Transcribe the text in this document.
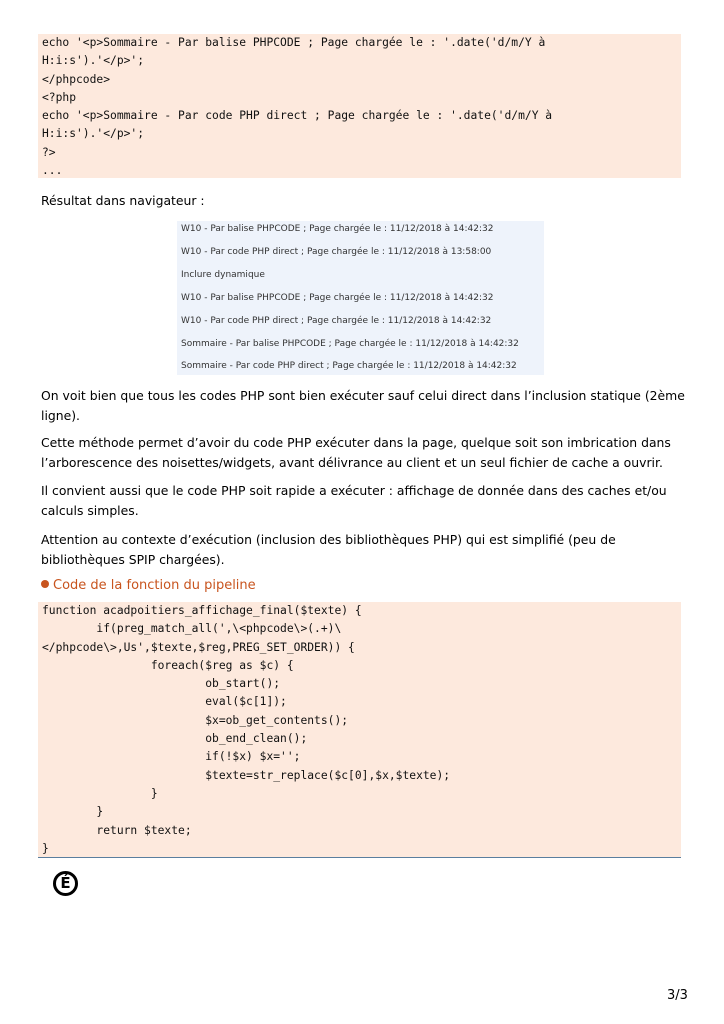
echo '<p>Sommaire - Par balise PHPCODE ; Page chargée le : '.date('d/m/Y à
H:i:s').'</p>';
</phpcode>
<?php
echo '<p>Sommaire - Par code PHP direct ; Page chargée le : '.date('d/m/Y à
H:i:s').'</p>';
?>
...
Résultat dans navigateur :
W10 - Par balise PHPCODE ; Page chargée le : 11/12/2018 à 14:42:32
W10 - Par code PHP direct ; Page chargée le : 11/12/2018 à 13:58:00
Inclure dynamique
W10 - Par balise PHPCODE ; Page chargée le : 11/12/2018 à 14:42:32
W10 - Par code PHP direct ; Page chargée le : 11/12/2018 à 14:42:32
Sommaire - Par balise PHPCODE ; Page chargée le : 11/12/2018 à 14:42:32
Sommaire - Par code PHP direct ; Page chargée le : 11/12/2018 à 14:42:32
On voit bien que tous les codes PHP sont bien exécuter sauf celui direct dans l’inclusion statique (2ème ligne).
Cette méthode permet d’avoir du code PHP exécuter dans la page, quelque soit son imbrication dans l’arborescence des noisettes/widgets, avant délivrance au client et un seul fichier de cache a ouvrir.
Il convient aussi que le code PHP soit rapide a exécuter : affichage de donnée dans des caches et/ou calculs simples.
Attention au contexte d’exécution (inclusion des bibliothèques PHP) qui est simplifié (peu de bibliothèques SPIP chargées).
Code de la fonction du pipeline
function acadpoitiers_affichage_final($texte) {
if(preg_match_all(',\<phpcode\>(.+)\
</phpcode\>,Us',$texte,$reg,PREG_SET_ORDER)) {
foreach($reg as $c) {
ob_start();
eval($c[1]);
$x=ob_get_contents();
ob_end_clean();
if(!$x) $x='';
$texte=str_replace($c[0],$x,$texte);
}
}
return $texte;
}
É
3/3
